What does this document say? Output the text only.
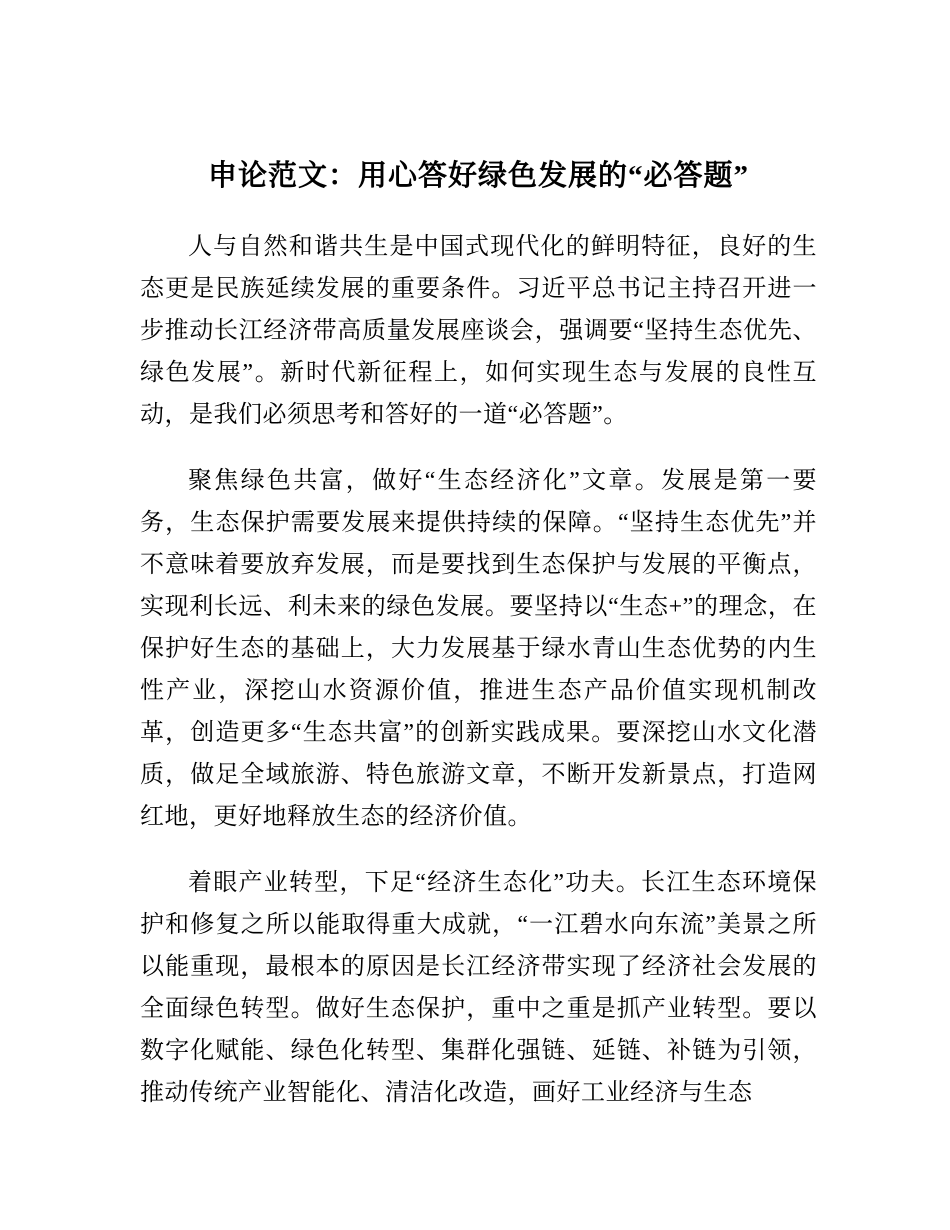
申论范文：用心答好绿色发展的“必答题”

人与自然和谐共生是中国式现代化的鲜明特征，良好的生态更是民族延续发展的重要条件。习近平总书记主持召开进一步推动长江经济带高质量发展座谈会，强调要“坚持生态优先、绿色发展”。新时代新征程上，如何实现生态与发展的良性互动，是我们必须思考和答好的一道“必答题”。

聚焦绿色共富，做好“生态经济化”文章。发展是第一要务，生态保护需要发展来提供持续的保障。“坚持生态优先”并不意味着要放弃发展，而是要找到生态保护与发展的平衡点，实现利长远、利未来的绿色发展。要坚持以“生态+”的理念，在保护好生态的基础上，大力发展基于绿水青山生态优势的内生性产业，深挖山水资源价值，推进生态产品价值实现机制改革，创造更多“生态共富”的创新实践成果。要深挖山水文化潜质，做足全域旅游、特色旅游文章，不断开发新景点，打造网红地，更好地释放生态的经济价值。

着眼产业转型，下足“经济生态化”功夫。长江生态环境保护和修复之所以能取得重大成就，“一江碧水向东流”美景之所以能重现，最根本的原因是长江经济带实现了经济社会发展的全面绿色转型。做好生态保护，重中之重是抓产业转型。要以数字化赋能、绿色化转型、集群化强链、延链、补链为引领，推动传统产业智能化、清洁化改造，画好工业经济与生态
